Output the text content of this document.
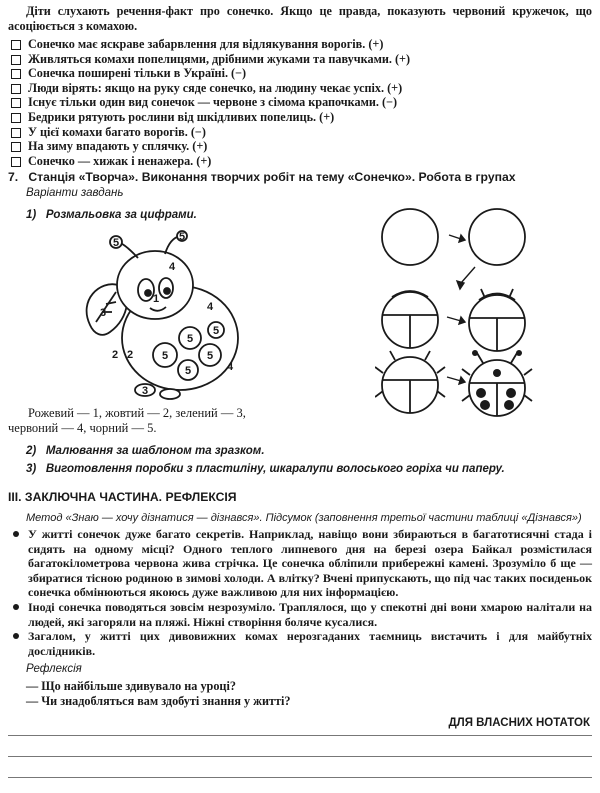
Діти слухають речення-факт про сонечко. Якщо це правда, показують червоний кружечок, що асоціюється з комахою.
Сонечко має яскраве забарвлення для відлякування ворогів. (+)
Живляться комахи попелицями, дрібними жуками та павучками. (+)
Сонечка поширені тільки в Україні. (−)
Люди вірять: якщо на руку сяде сонечко, на людину чекає успіх. (+)
Існує тільки один вид сонечок — червоне з сімома крапочками. (−)
Бедрики рятують рослини від шкідливих попелиць. (+)
У цієї комахи багато ворогів. (−)
На зиму впадають у сплячку. (+)
Сонечко — хижак і ненажера. (+)
7. Станція «Творча». Виконання творчих робіт на тему «Сонечко». Робота в групах
Варіанти завдань
1) Розмальовка за цифрами.
5	5
4
1
2
3	4
4
5
5
5
5
5
2
3
Рожевий — 1, жовтий — 2, зелений — 3,
червоний — 4, чорний — 5.
2) Малювання за шаблоном та зразком.
3) Виготовлення поробки з пластиліну, шкаралупи волоського горіха чи паперу.
ІІІ. ЗАКЛЮЧНА ЧАСТИНА. РЕФЛЕКСІЯ
Метод «Знаю — хочу дізнатися — дізнався». Підсумок (заповнення третьої частини таблиці «Дізнався»)
У житті сонечок дуже багато секретів. Наприклад, навіщо вони збираються в багатотисячні стада і сидять на одному місці? Одного теплого липневого дня на березі озера Байкал розмістилася багатокілометрова червона жива стрічка. Це сонечка обліпили прибережні камені. Зрозуміло б ще — збиратися тісною родиною в зимові холоди. А влітку? Вчені припускають, що під час таких посиденьок сонечка обмінюються якоюсь дуже важливою для них інформацією.
Іноді сонечка поводяться зовсім незрозуміло. Траплялося, що у спекотні дні вони хмарою налітали на людей, які загоряли на пляжі. Ніжні створіння боляче кусалися.
Загалом, у житті цих дивовижних комах нерозгаданих таємниць вистачить і для майбутніх дослідників.
Рефлексія
— Що найбільше здивувало на уроці?
— Чи знадобляться вам здобуті знання у житті?
ДЛЯ ВЛАСНИХ НОТАТОК
